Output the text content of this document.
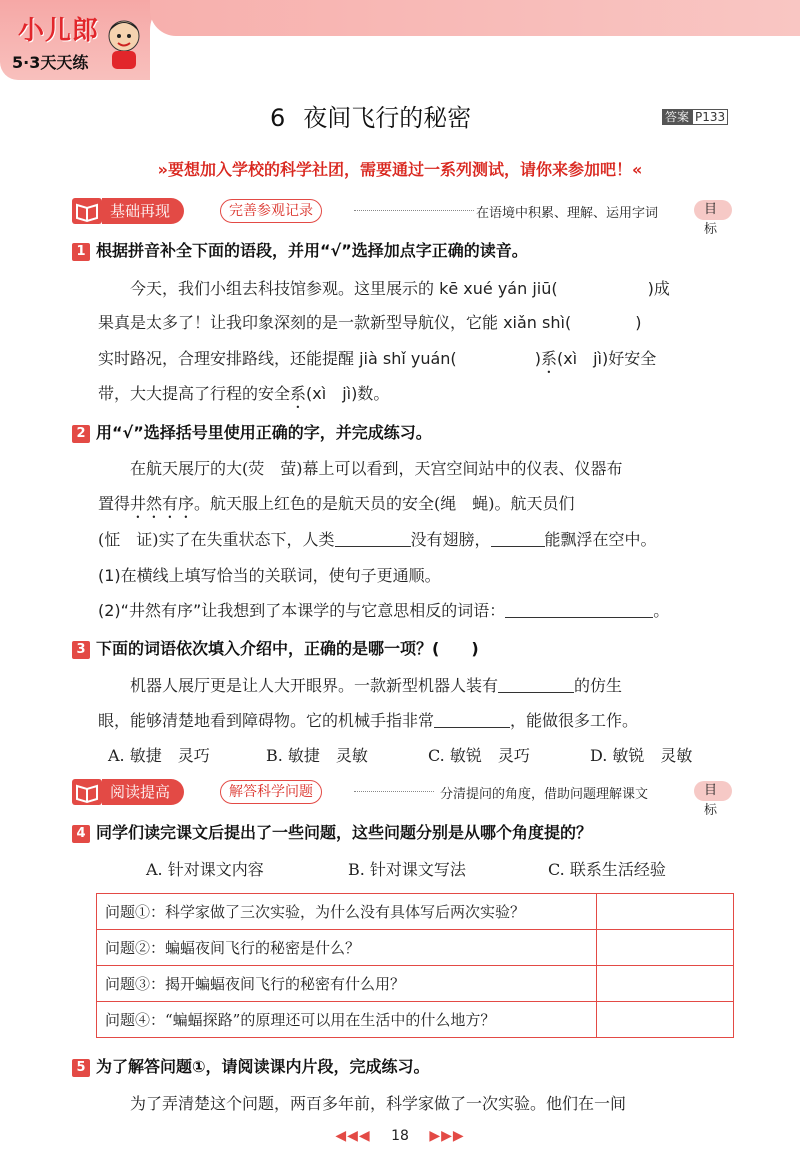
小儿郎
5·3天天练
6 夜间飞行的秘密	答案 P133
»要想加入学校的科学社团，需要通过一系列测试，请你来参加吧！«
基础再现	完善参观记录	在语境中积累、理解、运用字词	目标
1 根据拼音补全下面的语段，并用“√”选择加点字正确的读音。
今天，我们小组去科技馆参观。这里展示的 kē xué yán jiū(	)成
果真是太多了！让我印象深刻的是一款新型导航仪，它能 xiǎn shì(	)
实时路况，合理安排路线，还能提醒 jià shǐ yuán(	)系(xì　jì)好安全
带，大大提高了行程的安全系(xì　jì)数。
2 用“√”选择括号里使用正确的字，并完成练习。
在航天展厅的大(荧　萤)幕上可以看到，天宫空间站中的仪表、仪器布
置得井然有序。航天服上红色的是航天员的安全(绳　蝇)。航天员们
(怔　证)实了在失重状态下，人类	没有翅膀，	能飘浮在空中。
(1)在横线上填写恰当的关联词，使句子更通顺。
(2)“井然有序”让我想到了本课学的与它意思相反的词语：	。
3 下面的词语依次填入介绍中，正确的是哪一项？(　　)
机器人展厅更是让人大开眼界。一款新型机器人装有	的仿生
眼，能够清楚地看到障碍物。它的机械手指非常	，能做很多工作。
A. 敏捷　灵巧	B. 敏捷　灵敏	C. 敏锐　灵巧	D. 敏锐　灵敏
阅读提高	解答科学问题	分清提问的角度，借助问题理解课文	目标
4 同学们读完课文后提出了一些问题，这些问题分别是从哪个角度提的？
A. 针对课文内容	B. 针对课文写法	C. 联系生活经验
问题①：科学家做了三次实验，为什么没有具体写后两次实验？	
问题②：蝙蝠夜间飞行的秘密是什么？	
问题③：揭开蝙蝠夜间飞行的秘密有什么用？	
问题④：“蝙蝠探路”的原理还可以用在生活中的什么地方？	
5 为了解答问题①，请阅读课内片段，完成练习。
为了弄清楚这个问题，两百多年前，科学家做了一次实验。他们在一间
◀◀◀ 18 ▶▶▶
